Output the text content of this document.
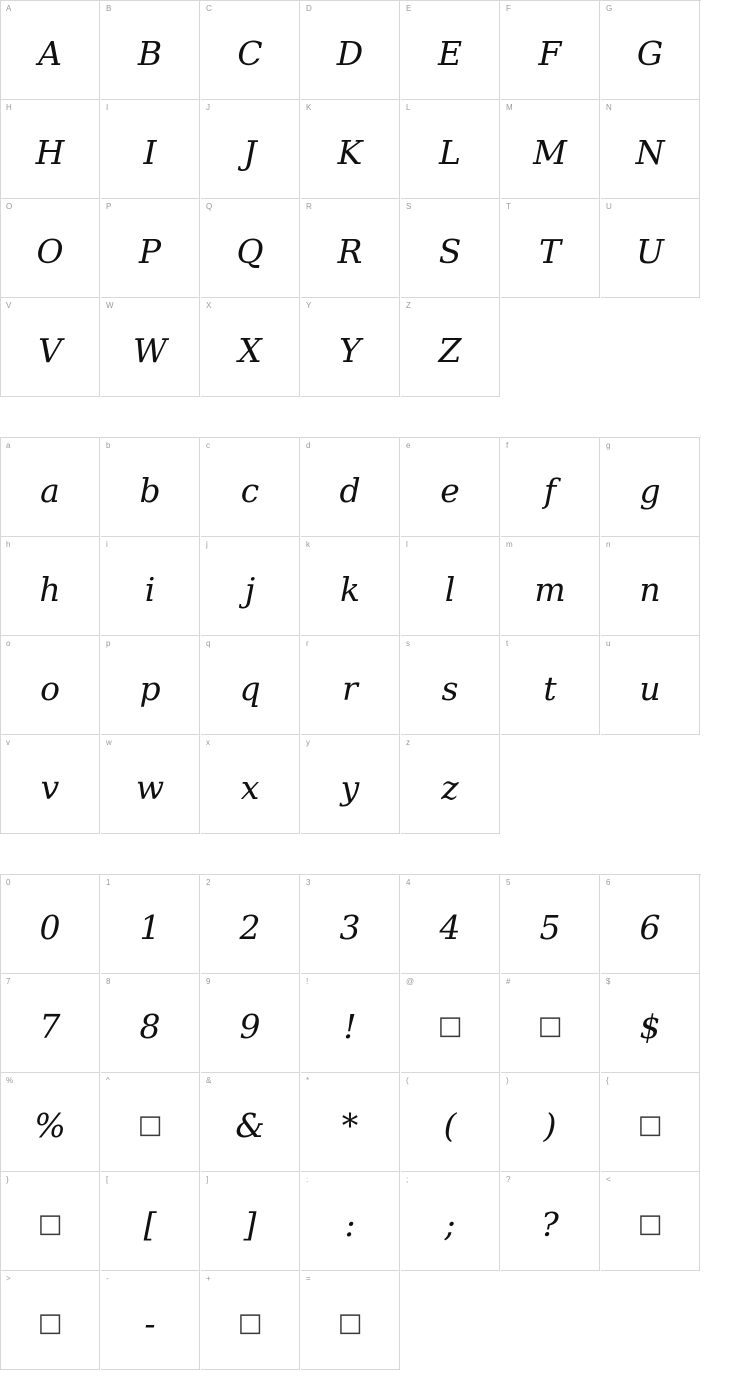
A
A
B
B
C
C
D
D
E
E
F
F
G
G
H
H
I
I
J
J
K
K
L
L
M
M
N
N
O
O
P
P
Q
Q
R
R
S
S
T
T
U
U
V
V
W
W
X
X
Y
Y
Z
Z
a
a
b
b
c
c
d
d
e
e
f
f
g
g
h
h
i
i
j
j
k
k
l
l
m
m
n
n
o
o
p
p
q
q
r
r
s
s
t
t
u
u
v
v
w
w
x
x
y
y
z
z
0
0
1
1
2
2
3
3
4
4
5
5
6
6
7
7
8
8
9
9
!
!
@
□
#
□
$
$
%
%
^
□
&
&
*
*
(
(
)
)
{
□
}
□
[
[
]
]
:
:
;
;
?
?
<
□
>
□
-
-
+
□
=
□
